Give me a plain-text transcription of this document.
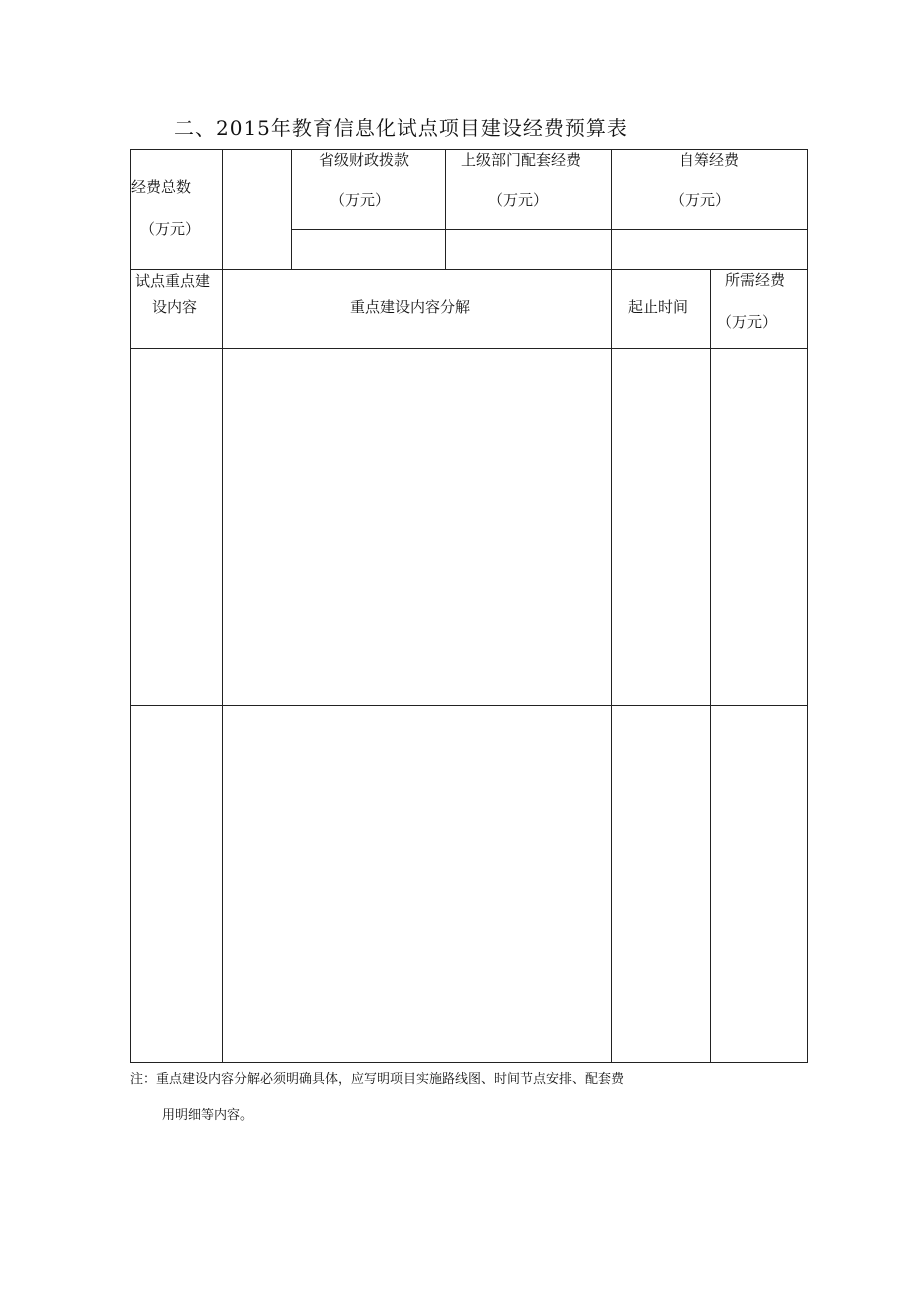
二、2015年教育信息化试点项目建设经费预算表
经费总数
（万元）
省级财政拨款
（万元）
上级部门配套经费
（万元）
自筹经费
（万元）
试点重点建
设内容	重点建设内容分解	起止时间
所需经费
（万元）
注：重点建设内容分解必须明确具体，应写明项目实施路线图、时间节点安排、配套费
用明细等内容。
